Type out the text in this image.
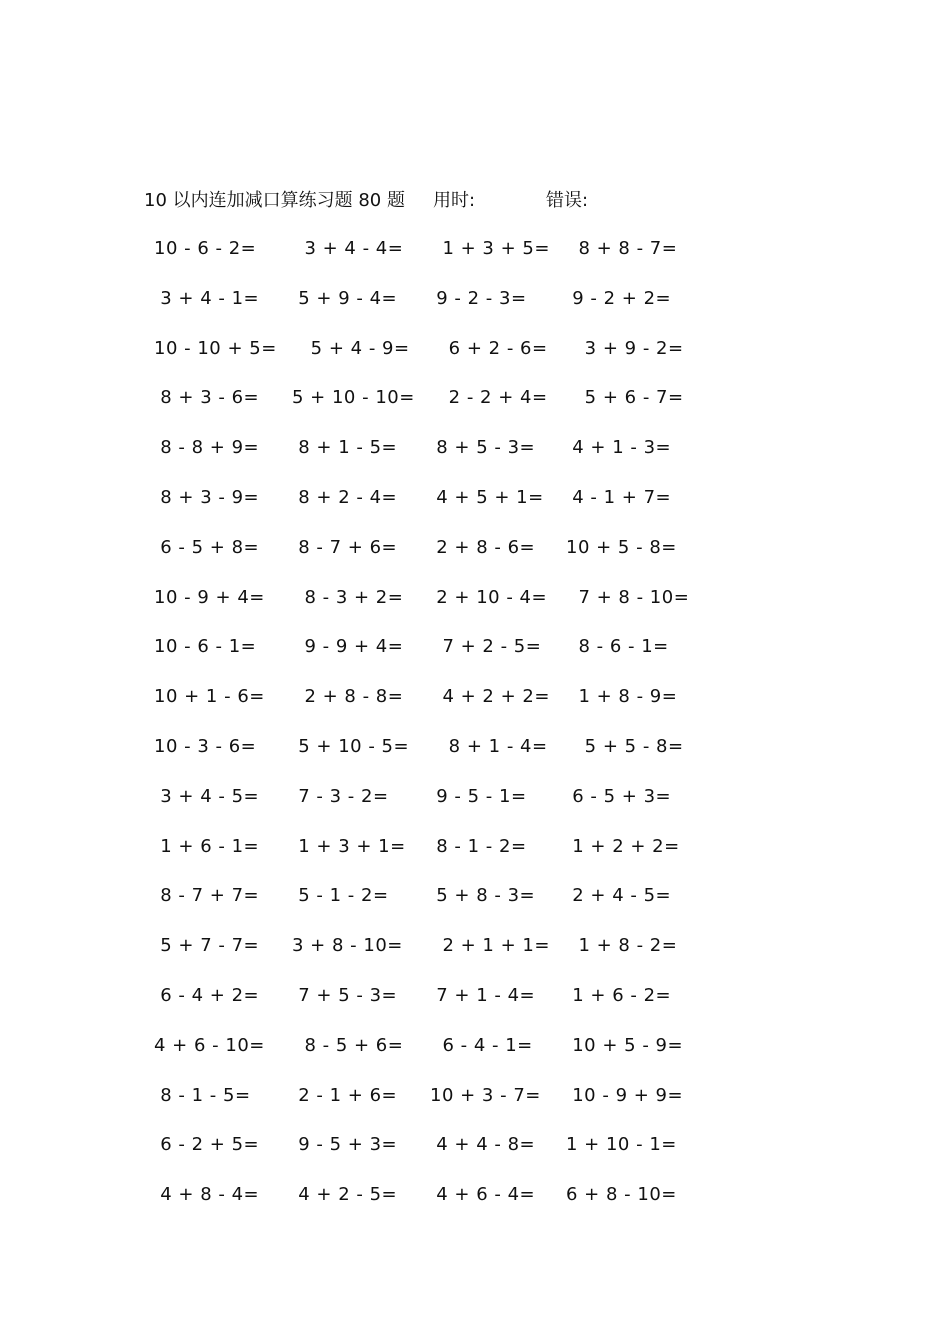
10 以内连加减口算练习题 80 题 用时:	错误:
10 - 6 - 2= 3 + 4 - 4= 1 + 3 + 5= 8 + 8 - 7=
3 + 4 - 1= 5 + 9 - 4= 9 - 2 - 3= 9 - 2 + 2=
10 - 10 + 5= 5 + 4 - 9= 6 + 2 - 6= 3 + 9 - 2=
8 + 3 - 6= 5 + 10 - 10= 2 - 2 + 4= 5 + 6 - 7=
8 - 8 + 9= 8 + 1 - 5= 8 + 5 - 3= 4 + 1 - 3=
8 + 3 - 9= 8 + 2 - 4= 4 + 5 + 1= 4 - 1 + 7=
6 - 5 + 8= 8 - 7 + 6= 2 + 8 - 6= 10 + 5 - 8=
10 - 9 + 4= 8 - 3 + 2= 2 + 10 - 4= 7 + 8 - 10=
10 - 6 - 1= 9 - 9 + 4= 7 + 2 - 5= 8 - 6 - 1=
10 + 1 - 6= 2 + 8 - 8= 4 + 2 + 2= 1 + 8 - 9=
10 - 3 - 6= 5 + 10 - 5= 8 + 1 - 4= 5 + 5 - 8=
3 + 4 - 5= 7 - 3 - 2= 9 - 5 - 1= 6 - 5 + 3=
1 + 6 - 1= 1 + 3 + 1= 8 - 1 - 2= 1 + 2 + 2=
8 - 7 + 7= 5 - 1 - 2= 5 + 8 - 3= 2 + 4 - 5=
5 + 7 - 7= 3 + 8 - 10= 2 + 1 + 1= 1 + 8 - 2=
6 - 4 + 2= 7 + 5 - 3= 7 + 1 - 4= 1 + 6 - 2=
4 + 6 - 10= 8 - 5 + 6= 6 - 4 - 1= 10 + 5 - 9=
8 - 1 - 5= 2 - 1 + 6= 10 + 3 - 7= 10 - 9 + 9=
6 - 2 + 5= 9 - 5 + 3= 4 + 4 - 8= 1 + 10 - 1=
4 + 8 - 4= 4 + 2 - 5= 4 + 6 - 4= 6 + 8 - 10=
